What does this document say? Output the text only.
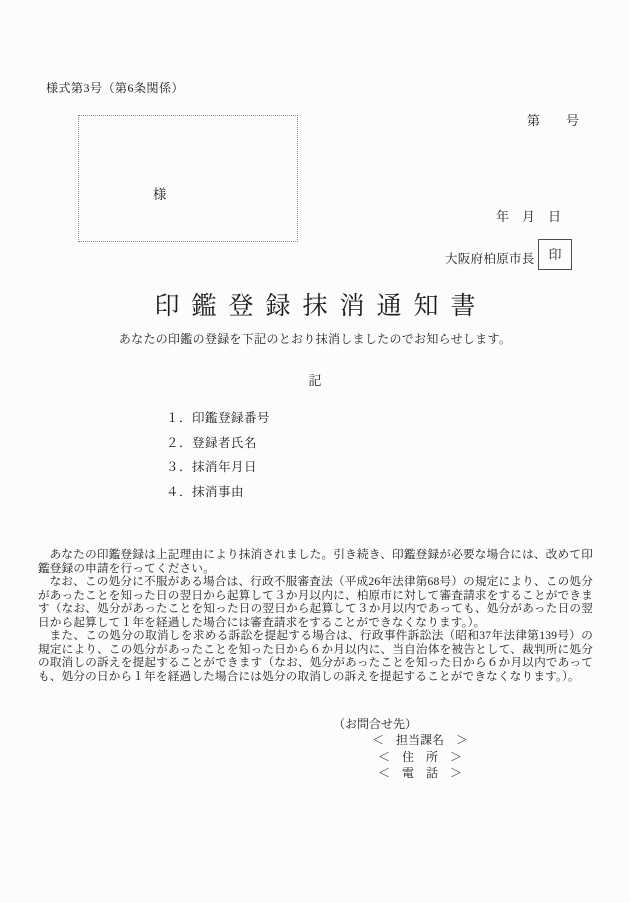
様式第3号（第6条関係）
第　　号
様
年　月　日
大阪府柏原市長	印
印鑑登録抹消通知書

あなたの印鑑の登録を下記のとおり抹消しましたのでお知らせします。

記
１．印鑑登録番号
２．登録者氏名
３．抹消年月日
４．抹消事由

あなたの印鑑登録は上記理由により抹消されました。引き続き、印鑑登録が必要な場合には、改めて印鑑登録の申請を行ってください。

なお、この処分に不服がある場合は、行政不服審査法（平成26年法律第68号）の規定により、この処分があったことを知った日の翌日から起算して３か月以内に、柏原市に対して審査請求をすることができます（なお、処分があったことを知った日の翌日から起算して３か月以内であっても、処分があった日の翌日から起算して１年を経過した場合には審査請求をすることができなくなります。）。

また、この処分の取消しを求める訴訟を提起する場合は、行政事件訴訟法（昭和37年法律第139号）の規定により、この処分があったことを知った日から６か月以内に、当自治体を被告として、裁判所に処分の取消しの訴えを提起することができます（なお、処分があったことを知った日から６か月以内であっても、処分の日から１年を経過した場合には処分の取消しの訴えを提起することができなくなります。）。

（お問合せ先）
＜　担当課名　＞
＜　住　所　＞
＜　電　話　＞
